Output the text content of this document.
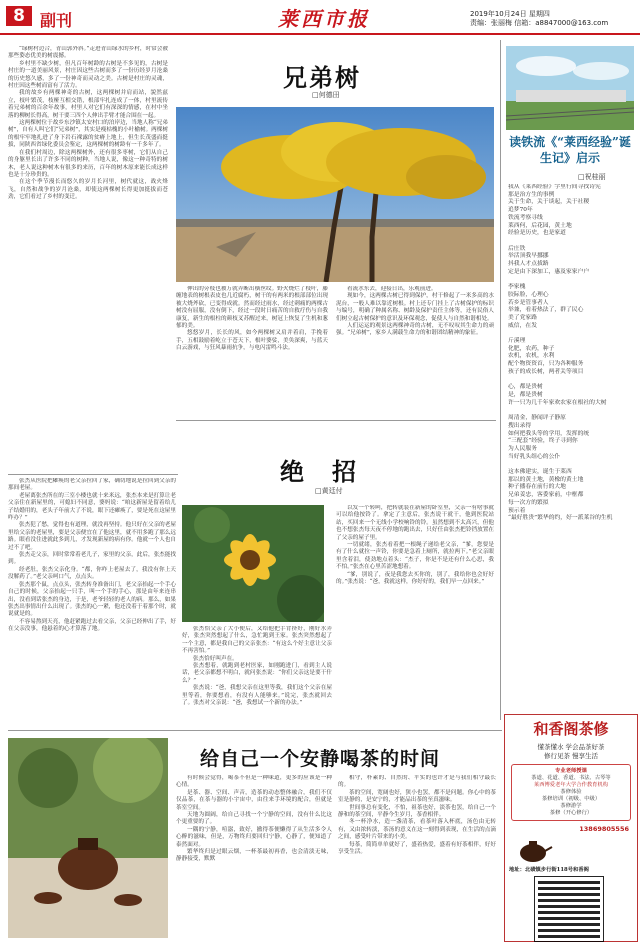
8 副刊	莱西市报	2019年10月24日 星期四
责编：张丽梅 信箱：a8847000@163.com
兄弟树
□何德田

“绿树村边合，青山郭外斜。”走进青山绿水的乡村，时常会被那些姿态优美的树震撼。

乡村里不缺少树，但凡百年树龄的古树是不多见的，古树是村庄的一道美丽风景，村庄因这些古树而多了一份历经岁月沧桑的历史悠久感，多了一份神奇而灵动之美。古树是村庄的灵魂，村庄因这些树而富有了活力。

我的故乡有两棵神奇的古树，这两棵树并肩而站，貌然兹立，枝叶繁茂，枝桠互相交错，根部牢扎连成了一体，村里流传着兄弟树的百余年故事，村里人对它们有深深的情感，在村中坐落的柳树长得高，树干要三四个人伸出手臂才能合围在一起。

这两棵树位于故乡东沙镇太安村口的泊岸边，当地人称“兄弟树”，自有人叫它们“兄弟树”，其实是瘦枯槐的小叶榆树。两棵树的根牢牢地扎进了身下岩石裸露的贫瘠上地上，但生长茂盛而挺拔，同陕西省绿化委员会鉴定，这两棵树的树龄有一千多年了。

在我们村周边，除这两棵树外，还有很多枣树，它们从自己的身躯里长出了许多不同的树种，当地人说，像这一种奇特的树木，老人说这种树木有很多的来历，百年的树木原来能长成这样也是十分珍贵的。

在这个季节漫长而悠久的岁月长河里，树代就这，战火烽飞，自然和战争的岁月沧桑，却使这两棵树长得更加挺拔而苍劲，它们看过了乡村的变迁。

伸出的旁枝也被万就弄断出横丝纹。野火烧烂了枝叶，藤缠地表的树根表皮也几近腐朽，树干的有两米的根部部位出现被大烧斧砍，已变得成就。然而经过雨水，经过刺痛的两棵古树没有屈服，没有倒下，经过一段时日痛苦的自救疗伤与自我康复，新生的根柱的颜枝叉苏醒过来，树冠上恢复了生机和葱郁的美。

悠悠岁月，长长的风，如今两棵树又肩并着肩，手挽着手，五相鼓励着屹立于苍天下，根叶婆娑，美奂深爽，与蓝天白云游戏，与狂风暴雨抗争，与电闪雷鸣斗法。

看流水东去，迎接日出，乐观前进。

现如今，这两棵古树已得到保护，村干修起了一米多高的水泥台，一般人难以靠近树根。村上还专门挂上了古树保护的标识与编号，明确了种属名称、树龄及保护责任主体等，还有民俗人们树立起古树保护的意识及环保观念，促使人与自然和谐相处。

人们运运的观景这两棵神奇的古树，无不叹叹其生命力的顽强。“兄弟树”，家乡人满载生命力的和谐团结精神的象征。

读铁流《“莱西经验”诞生记》启示
□祝桂丽
我从《莱西经验》字里行间寻找诗宪
那是治方生的事例
关于生命，关于谈起，关于社稷
追梦70年
铁流考察寻线
莱西何，后花园，黄土地
经验是历史，也是家道

后庄铁
举活顶我早挪挪
抖我人才点拔路
定是由下深加工，惠及家家户户

李家槐
胶际脸，心理心
若乡是管事者人
举兼，看着热法了，群了民心
美了党家路
威信，在发

斤溪理
化肥，农药，种子
农机，农机，水利
配个物资资首，只为各种服务
孩子的成长树，两者关等项目

心，都是贵树
是，都是贵树
许一只为几千年家欢农家在根社的大树

周清金，静闻评子静原
搜出录得
如何把我头等的学用，发挥的统
“三配套”经验，终子寻到你
为人民服务
当好乳头组心的公仆

这本佛建实，诞生于莱西
那以的黄土地，黄橡的黄土地
种子播春在前行的大地
兄弟姜忠，客委家前，中框都
每一次方的繁拟
预示着
“最好胜贵”繁华的约，好一派莱谷的生机
绝　招
□黄廷付

张杰从医院把瘫痪的老父亲拉回了家，确切地说是拉回到父亲的那间老屋。

老屋离张杰所在的三室小楼也就十来米远，张杰本来是打算让老父亲住在新屋里的，可媳妇不同意，婆妈说：“咱这新屋是留着给儿子结婚用的，老头子年前大了不说，眼下还瘫痪了，要是死在这屋里咋办？”

张杰犯了愁，觉得也有道理，就没再坚持。他只好在父亲的老屋里给父亲的老屋里，要是父亲便宜在了他这里，就不用多跑了那么远路。眼看没住进就此多到儿，才发现新屋的病有你。他就一个人也自过不了吧。

张杰走父亲，回时常常着老儿子，家里的父亲，此后，张杰能找到。

经老肚，张杰父亲化身。“都，你咋上老屋去了，我没有你上天没解药了。”老父亲呵口气，点点头。

张杰那个鼠，点点头，张杰转身准备出门，老父亲抬起一个手心自己的时候，父亲抬起一只手，叫一个手的手心，那是由年来连串出，没看到话张杰的身边，于是，老爷轻轻的老人的病。那么，如果张杰出事情出什么出现了。张杰的心一紧，他还没着于着那个时，就说就是的。

不容易熬到天亮，他赶紧跑过去看父亲，父亲已经伸出了手，好在父亲没事，他悬着的心才算落了地。	张杰恰父亲了大小便后，又给他把手背挤好，刚好水弄好，张杰突然想起了什么，急忙跑到王家。张杰突然想起了一个主意，都是我自己的父亲张杰：“有这么个好主意让父亲不再害怕。”

张杰恰好叫声在。

张杰想着，就跑到老村医家，如刚跑进门，看到主人说话，老父亲都想不明白，就问张杰说：“你们父亲这是要干什么？”

张杰说：“爸，我想父亲在这里等我，我们这个父亲在屋里等着，你要想看，有没有人能够来。”说完，张杰就回去了。张杰对父亲说：“爸，我想试一个新的办法。”

以发一个转呵，把转就装在新屋的卧室里，父亲一有啥事就可以给他按铃了。拿定了主意后，张杰说干就干，他到医院站站，买回来一个无线小学校响铃的铃。虽然想到不太高兴，但他也不想张杰每天夜不停地的跑出去，只好任由张杰把铃铛放置在了父亲的屋子里。

一切就绪，张杰看着把一根绳子递给老父亲，“爹，您要是有了什么就拉一声铃，你要是急着上厕所，就拉两下。”老父亲眼里含着泪，使劲地点着头：“杰子，你是不是还有什么心思，我不怕。”张杰在心里苦涩地想着。

“爹，别说了，夜是我您去买你的，别了，我给你也会好好的。”张杰说：“爸，我就这样，你好好的，我们早一点回来。”

给自己一个安静喝茶的时间

有时候会觉得，喝茶不但是一种味道，更多的应该是一种心情。

是茶、器、空间、声音，造茶的动态整体融合，我们不仅仅品茶，在茶与器的小宇宙中，由往来手环境的配合，但就是茶室空间。

天地为圆阔，给自己寻找一个宁静的空间，没有什么比这个更重要的了。

一隅的宁静，喧嚣，致好，撤得茶便懒得了从生活多令人心醉的滋味，但是，万物终归要回归宁静，心静了，便知道了泰然面对。

繁华终归是过眼云烟，一杯茶最初再香，也会清淡无味，静静接受，默默

相守，朴素的、自然的、平实的也许才是与我们相守最长的。

茶的空间，宽阔也好，狭小也罢，都不是问题。你心中的茶室是静的，是安宁的，才能品出茶的至真滋味。

世间事总有变化，不怕，祖茶也好，淡茶也罢，给自己一个静和的茶空间，平静今生岁月，茶香相伴。

冬一杯净水，造一盏清茶，看茶叶落入杯底，汤色由无转有，又由浓转淡，茶汤的意义在这一刻得到表现，在生活的点滴之间，感受叶片带来的小美。

每茶，简简单单就好了，盛着热爱，盛着有好茶相伴，好好享受生活。

和香阁茶修
懂茶懂水 学会品茶好茶
修行见茶 慢享生活
专业老师授课
茶道、花道、香道、书法、古琴等
莱西博爱老年大学合作教育机构
茶修体验
茶修培训（初级、中级）
茶修游学
茶修（开心修行）
13869805556
地址：北碛镇步行街118号和香阁
